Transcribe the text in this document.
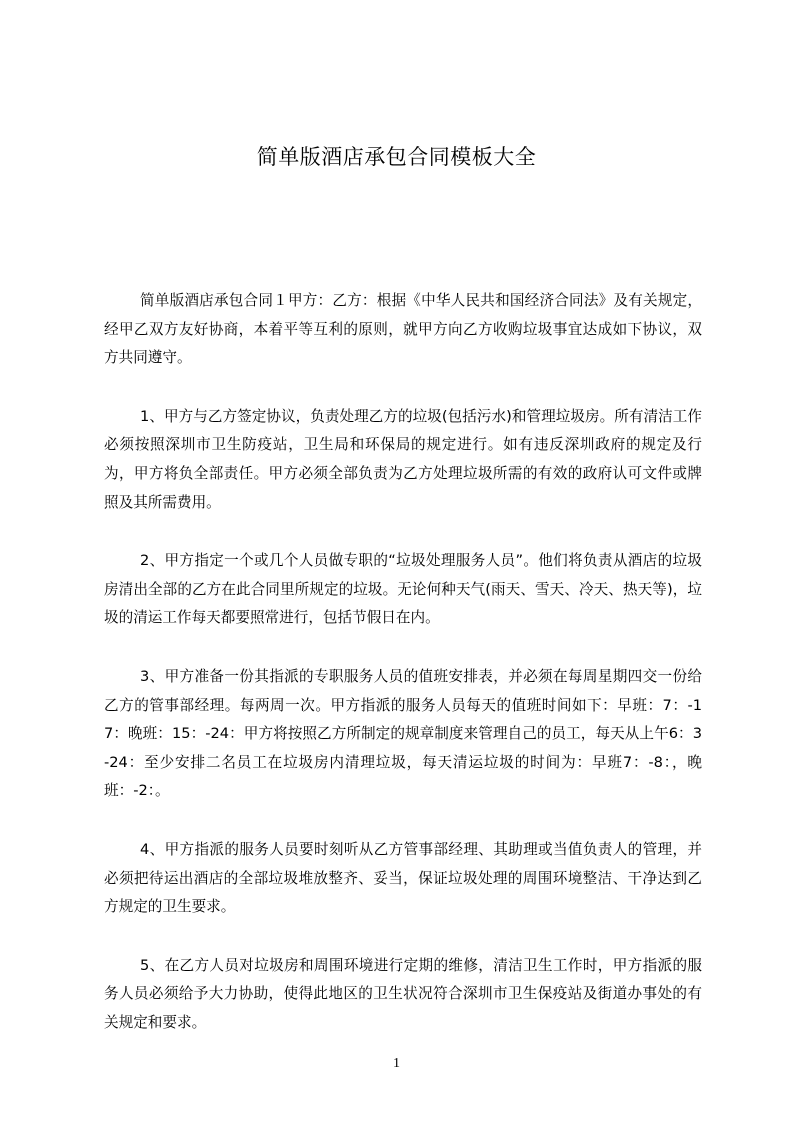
简单版酒店承包合同模板大全

简单版酒店承包合同１甲方：乙方：根据《中华人民共和国经济合同法》及有关规定，经甲乙双方友好协商，本着平等互利的原则，就甲方向乙方收购垃圾事宜达成如下协议，双方共同遵守。

1、甲方与乙方签定协议，负责处理乙方的垃圾(包括污水)和管理垃圾房。所有清洁工作必须按照深圳市卫生防疫站，卫生局和环保局的规定进行。如有违反深圳政府的规定及行为，甲方将负全部责任。甲方必须全部负责为乙方处理垃圾所需的有效的政府认可文件或牌照及其所需费用。

2、甲方指定一个或几个人员做专职的“垃圾处理服务人员”。他们将负责从酒店的垃圾房清出全部的乙方在此合同里所规定的垃圾。无论何种天气(雨天、雪天、冷天、热天等)，垃圾的清运工作每天都要照常进行，包括节假日在内。

3、甲方准备一份其指派的专职服务人员的值班安排表，并必须在每周星期四交一份给乙方的管事部经理。每两周一次。甲方指派的服务人员每天的值班时间如下：早班：7：-17：晚班：15：-24：甲方将按照乙方所制定的规章制度来管理自己的员工，每天从上午6：3-24：至少安排二名员工在垃圾房内清理垃圾，每天清运垃圾的时间为：早班7：-8：，晚班：-2：。

4、甲方指派的服务人员要时刻听从乙方管事部经理、其助理或当值负责人的管理，并必须把待运出酒店的全部垃圾堆放整齐、妥当，保证垃圾处理的周围环境整洁、干净达到乙方规定的卫生要求。

5、在乙方人员对垃圾房和周围环境进行定期的维修，清洁卫生工作时，甲方指派的服务人员必须给予大力协助，使得此地区的卫生状况符合深圳市卫生保疫站及街道办事处的有关规定和要求。

1
